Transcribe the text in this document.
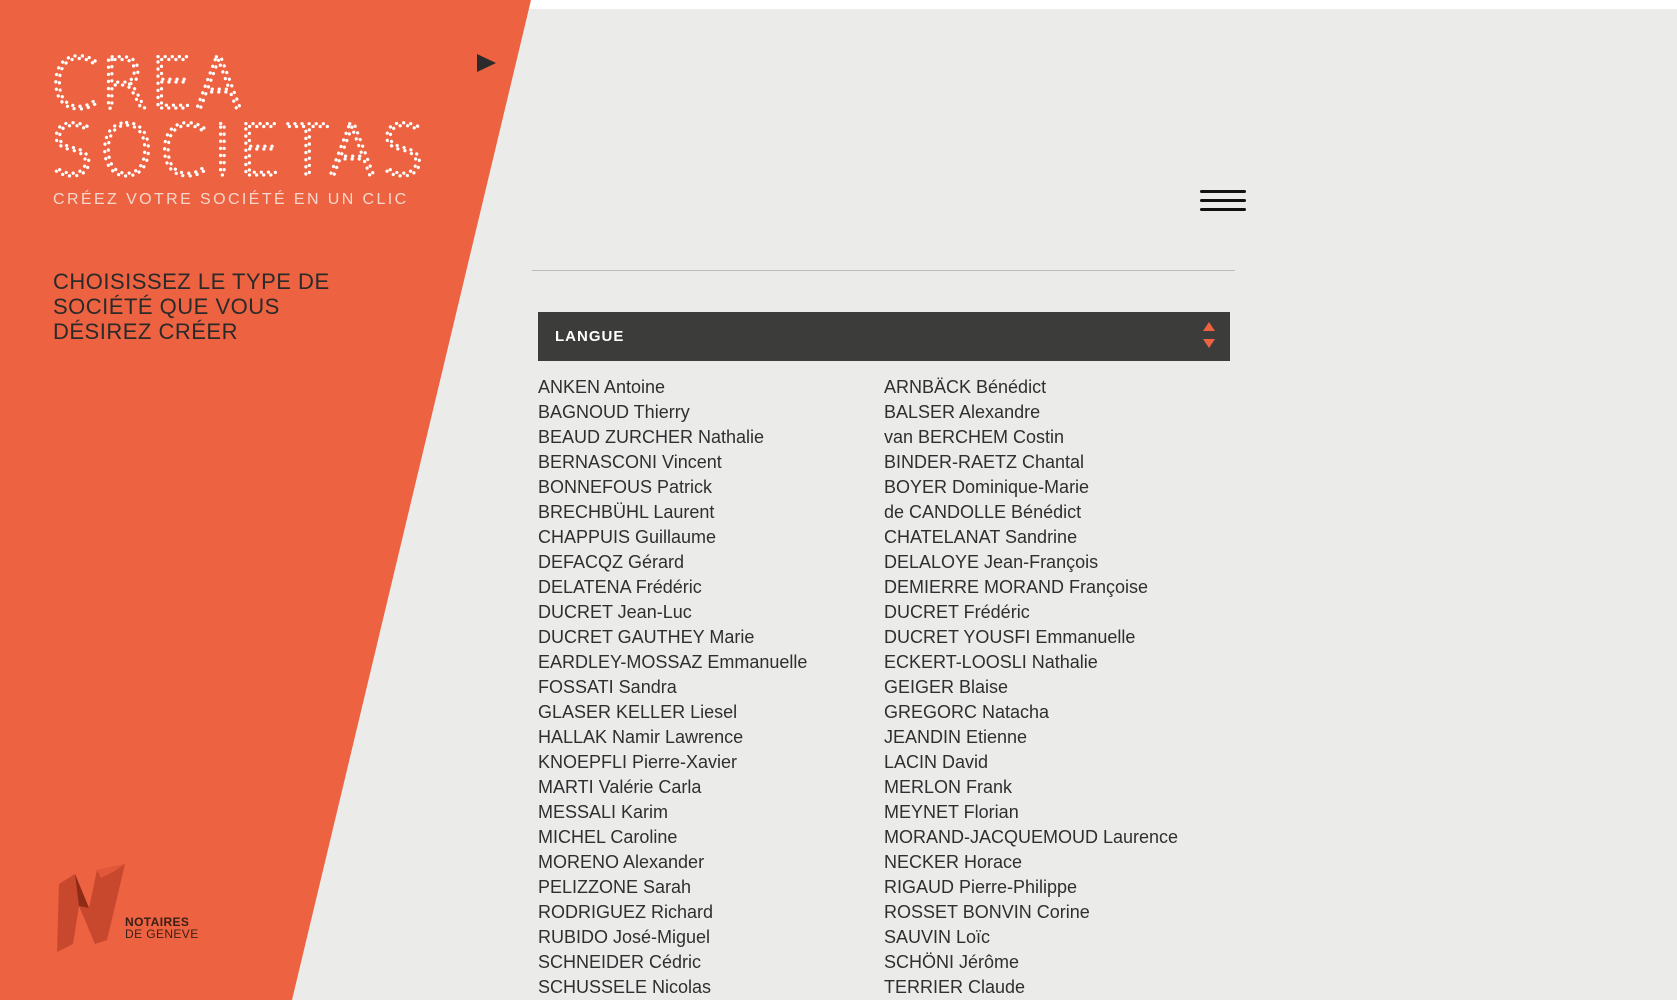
CREA
SOCIETAS
CRÉEZ VOTRE SOCIÉTÉ EN UN CLIC
CHOISISSEZ LE TYPE DE SOCIÉTÉ QUE VOUS DÉSIREZ CRÉER
NOTAIRES
DE GENEVE
LANGUE
ANKEN Antoine
BAGNOUD Thierry
BEAUD ZURCHER Nathalie
BERNASCONI Vincent
BONNEFOUS Patrick
BRECHBÜHL Laurent
CHAPPUIS Guillaume
DEFACQZ Gérard
DELATENA Frédéric
DUCRET Jean-Luc
DUCRET GAUTHEY Marie
EARDLEY-MOSSAZ Emmanuelle
FOSSATI Sandra
GLASER KELLER Liesel
HALLAK Namir Lawrence
KNOEPFLI Pierre-Xavier
MARTI Valérie Carla
MESSALI Karim
MICHEL Caroline
MORENO Alexander
PELIZZONE Sarah
RODRIGUEZ Richard
RUBIDO José-Miguel
SCHNEIDER Cédric
SCHUSSELE Nicolas
ARNBÄCK Bénédict
BALSER Alexandre
van BERCHEM Costin
BINDER-RAETZ Chantal
BOYER Dominique-Marie
de CANDOLLE Bénédict
CHATELANAT Sandrine
DELALOYE Jean-François
DEMIERRE MORAND Françoise
DUCRET Frédéric
DUCRET YOUSFI Emmanuelle
ECKERT-LOOSLI Nathalie
GEIGER Blaise
GREGORC Natacha
JEANDIN Etienne
LACIN David
MERLON Frank
MEYNET Florian
MORAND-JACQUEMOUD Laurence
NECKER Horace
RIGAUD Pierre-Philippe
ROSSET BONVIN Corine
SAUVIN Loïc
SCHÖNI Jérôme
TERRIER Claude
